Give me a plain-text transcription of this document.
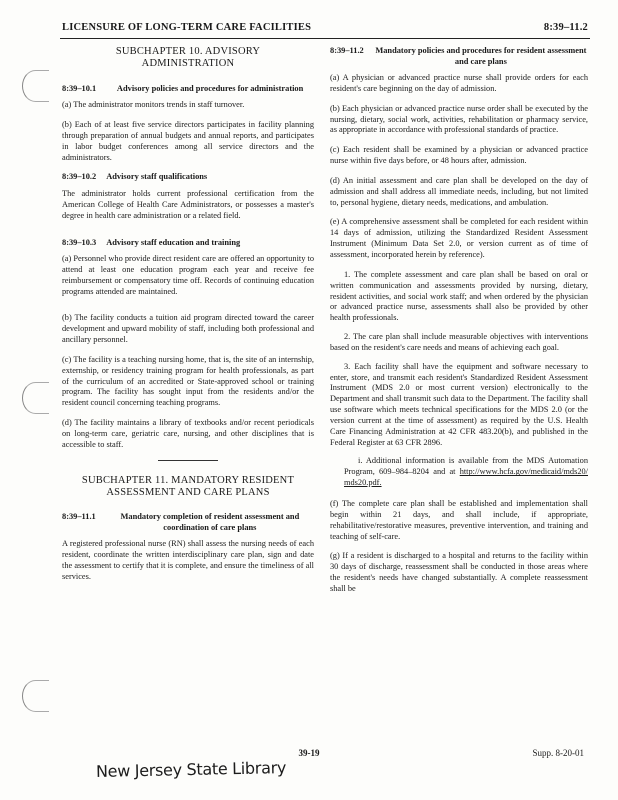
LICENSURE OF LONG-TERM CARE FACILITIES	8:39–11.2
SUBCHAPTER 10. ADVISORY
ADMINISTRATION
8:39–10.1	Advisory policies and procedures for administration

(a) The administrator monitors trends in staff turnover.

(b) Each of at least five service directors participates in facility planning through preparation of annual budgets and annual reports, and participates in labor budget conferences among all service directors and the administrators.

8:39–10.2 Advisory staff qualifications

The administrator holds current professional certification from the American College of Health Care Administrators, or possesses a master's degree in health care administration or a related field.

8:39–10.3 Advisory staff education and training

(a) Personnel who provide direct resident care are offered an opportunity to attend at least one education program each year and receive fee reimbursement or compensatory time off. Records of continuing education programs attended are maintained.

(b) The facility conducts a tuition aid program directed toward the career development and upward mobility of staff, including both professional and ancillary personnel.

(c) The facility is a teaching nursing home, that is, the site of an internship, externship, or residency training program for health professionals, as part of the curriculum of an accredited or State-approved school or training program. The facility has sought input from the residents and/or the resident council concerning teaching programs.

(d) The facility maintains a library of textbooks and/or recent periodicals on long-term care, geriatric care, nursing, and other disciplines that is accessible to staff.

SUBCHAPTER 11. MANDATORY RESIDENT
ASSESSMENT AND CARE PLANS
8:39–11.1	Mandatory completion of resident assessment and coordination of care plans

A registered professional nurse (RN) shall assess the nursing needs of each resident, coordinate the written interdisciplinary care plan, sign and date the assessment to certify that it is complete, and ensure the timeliness of all services.

8:39–11.2 Mandatory policies and procedures for resident assessment and care plans

(a) A physician or advanced practice nurse shall provide orders for each resident's care beginning on the day of admission.

(b) Each physician or advanced practice nurse order shall be executed by the nursing, dietary, social work, activities, rehabilitation or pharmacy service, as appropriate in accordance with professional standards of practice.

(c) Each resident shall be examined by a physician or advanced practice nurse within five days before, or 48 hours after, admission.

(d) An initial assessment and care plan shall be developed on the day of admission and shall address all immediate needs, including, but not limited to, personal hygiene, dietary needs, medications, and ambulation.

(e) A comprehensive assessment shall be completed for each resident within 14 days of admission, utilizing the Standardized Resident Assessment Instrument (Minimum Data Set 2.0, or version current as of time of assessment, incorporated herein by reference).

1. The complete assessment and care plan shall be based on oral or written communication and assessments provided by nursing, dietary, resident activities, and social work staff; and when ordered by the physician or advanced practice nurse, assessments shall also be provided by other health professionals.

2. The care plan shall include measurable objectives with interventions based on the resident's care needs and means of achieving each goal.

3. Each facility shall have the equipment and software necessary to enter, store, and transmit each resident's Standardized Resident Assessment Instrument (MDS 2.0 or most current version) electronically to the Department and shall transmit such data to the Department. The facility shall use software which meets technical specifications for the MDS 2.0 (or the version current at the time of assessment) as required by the U.S. Health Care Financing Administration at 42 CFR 483.20(b), and published in the Federal Register at 63 CFR 2896.

i. Additional information is available from the MDS Automation Program, 609–984–8204 and at http://www.hcfa.gov/medicaid/mds20/ mds20.pdf.

(f) The complete care plan shall be established and implementation shall begin within 21 days, and shall include, if appropriate, rehabilitative/restorative measures, preventive intervention, and training and teaching of self-care.

(g) If a resident is discharged to a hospital and returns to the facility within 30 days of discharge, reassessment shall be conducted in those areas where the resident's needs have changed substantially. A complete reassessment shall be

39-19	Supp. 8-20-01
New Jersey State Library
